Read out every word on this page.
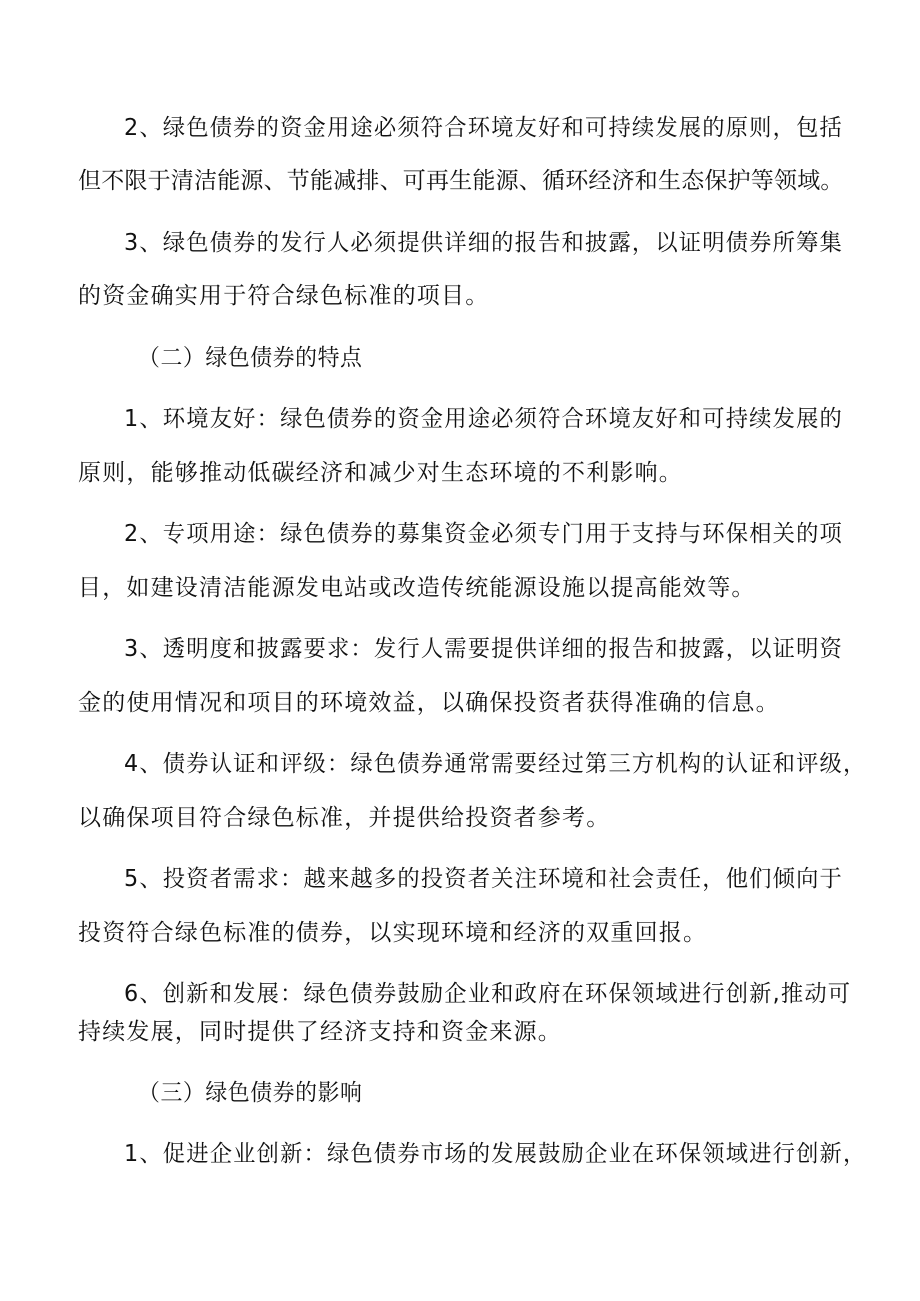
2、绿色债券的资金用途必须符合环境友好和可持续发展的原则，包括
但不限于清洁能源、节能减排、可再生能源、循环经济和生态保护等领域。
3、绿色债券的发行人必须提供详细的报告和披露，以证明债券所筹集
的资金确实用于符合绿色标准的项目。
（二）绿色债券的特点
1、环境友好：绿色债券的资金用途必须符合环境友好和可持续发展的
原则，能够推动低碳经济和减少对生态环境的不利影响。
2、专项用途：绿色债券的募集资金必须专门用于支持与环保相关的项
目，如建设清洁能源发电站或改造传统能源设施以提高能效等。
3、透明度和披露要求：发行人需要提供详细的报告和披露，以证明资
金的使用情况和项目的环境效益，以确保投资者获得准确的信息。
4、债券认证和评级：绿色债券通常需要经过第三方机构的认证和评级，
以确保项目符合绿色标准，并提供给投资者参考。
5、投资者需求：越来越多的投资者关注环境和社会责任，他们倾向于
投资符合绿色标准的债券，以实现环境和经济的双重回报。
6、创新和发展：绿色债券鼓励企业和政府在环保领域进行创新,推动可
持续发展，同时提供了经济支持和资金来源。
（三）绿色债券的影响
1、促进企业创新：绿色债券市场的发展鼓励企业在环保领域进行创新，
